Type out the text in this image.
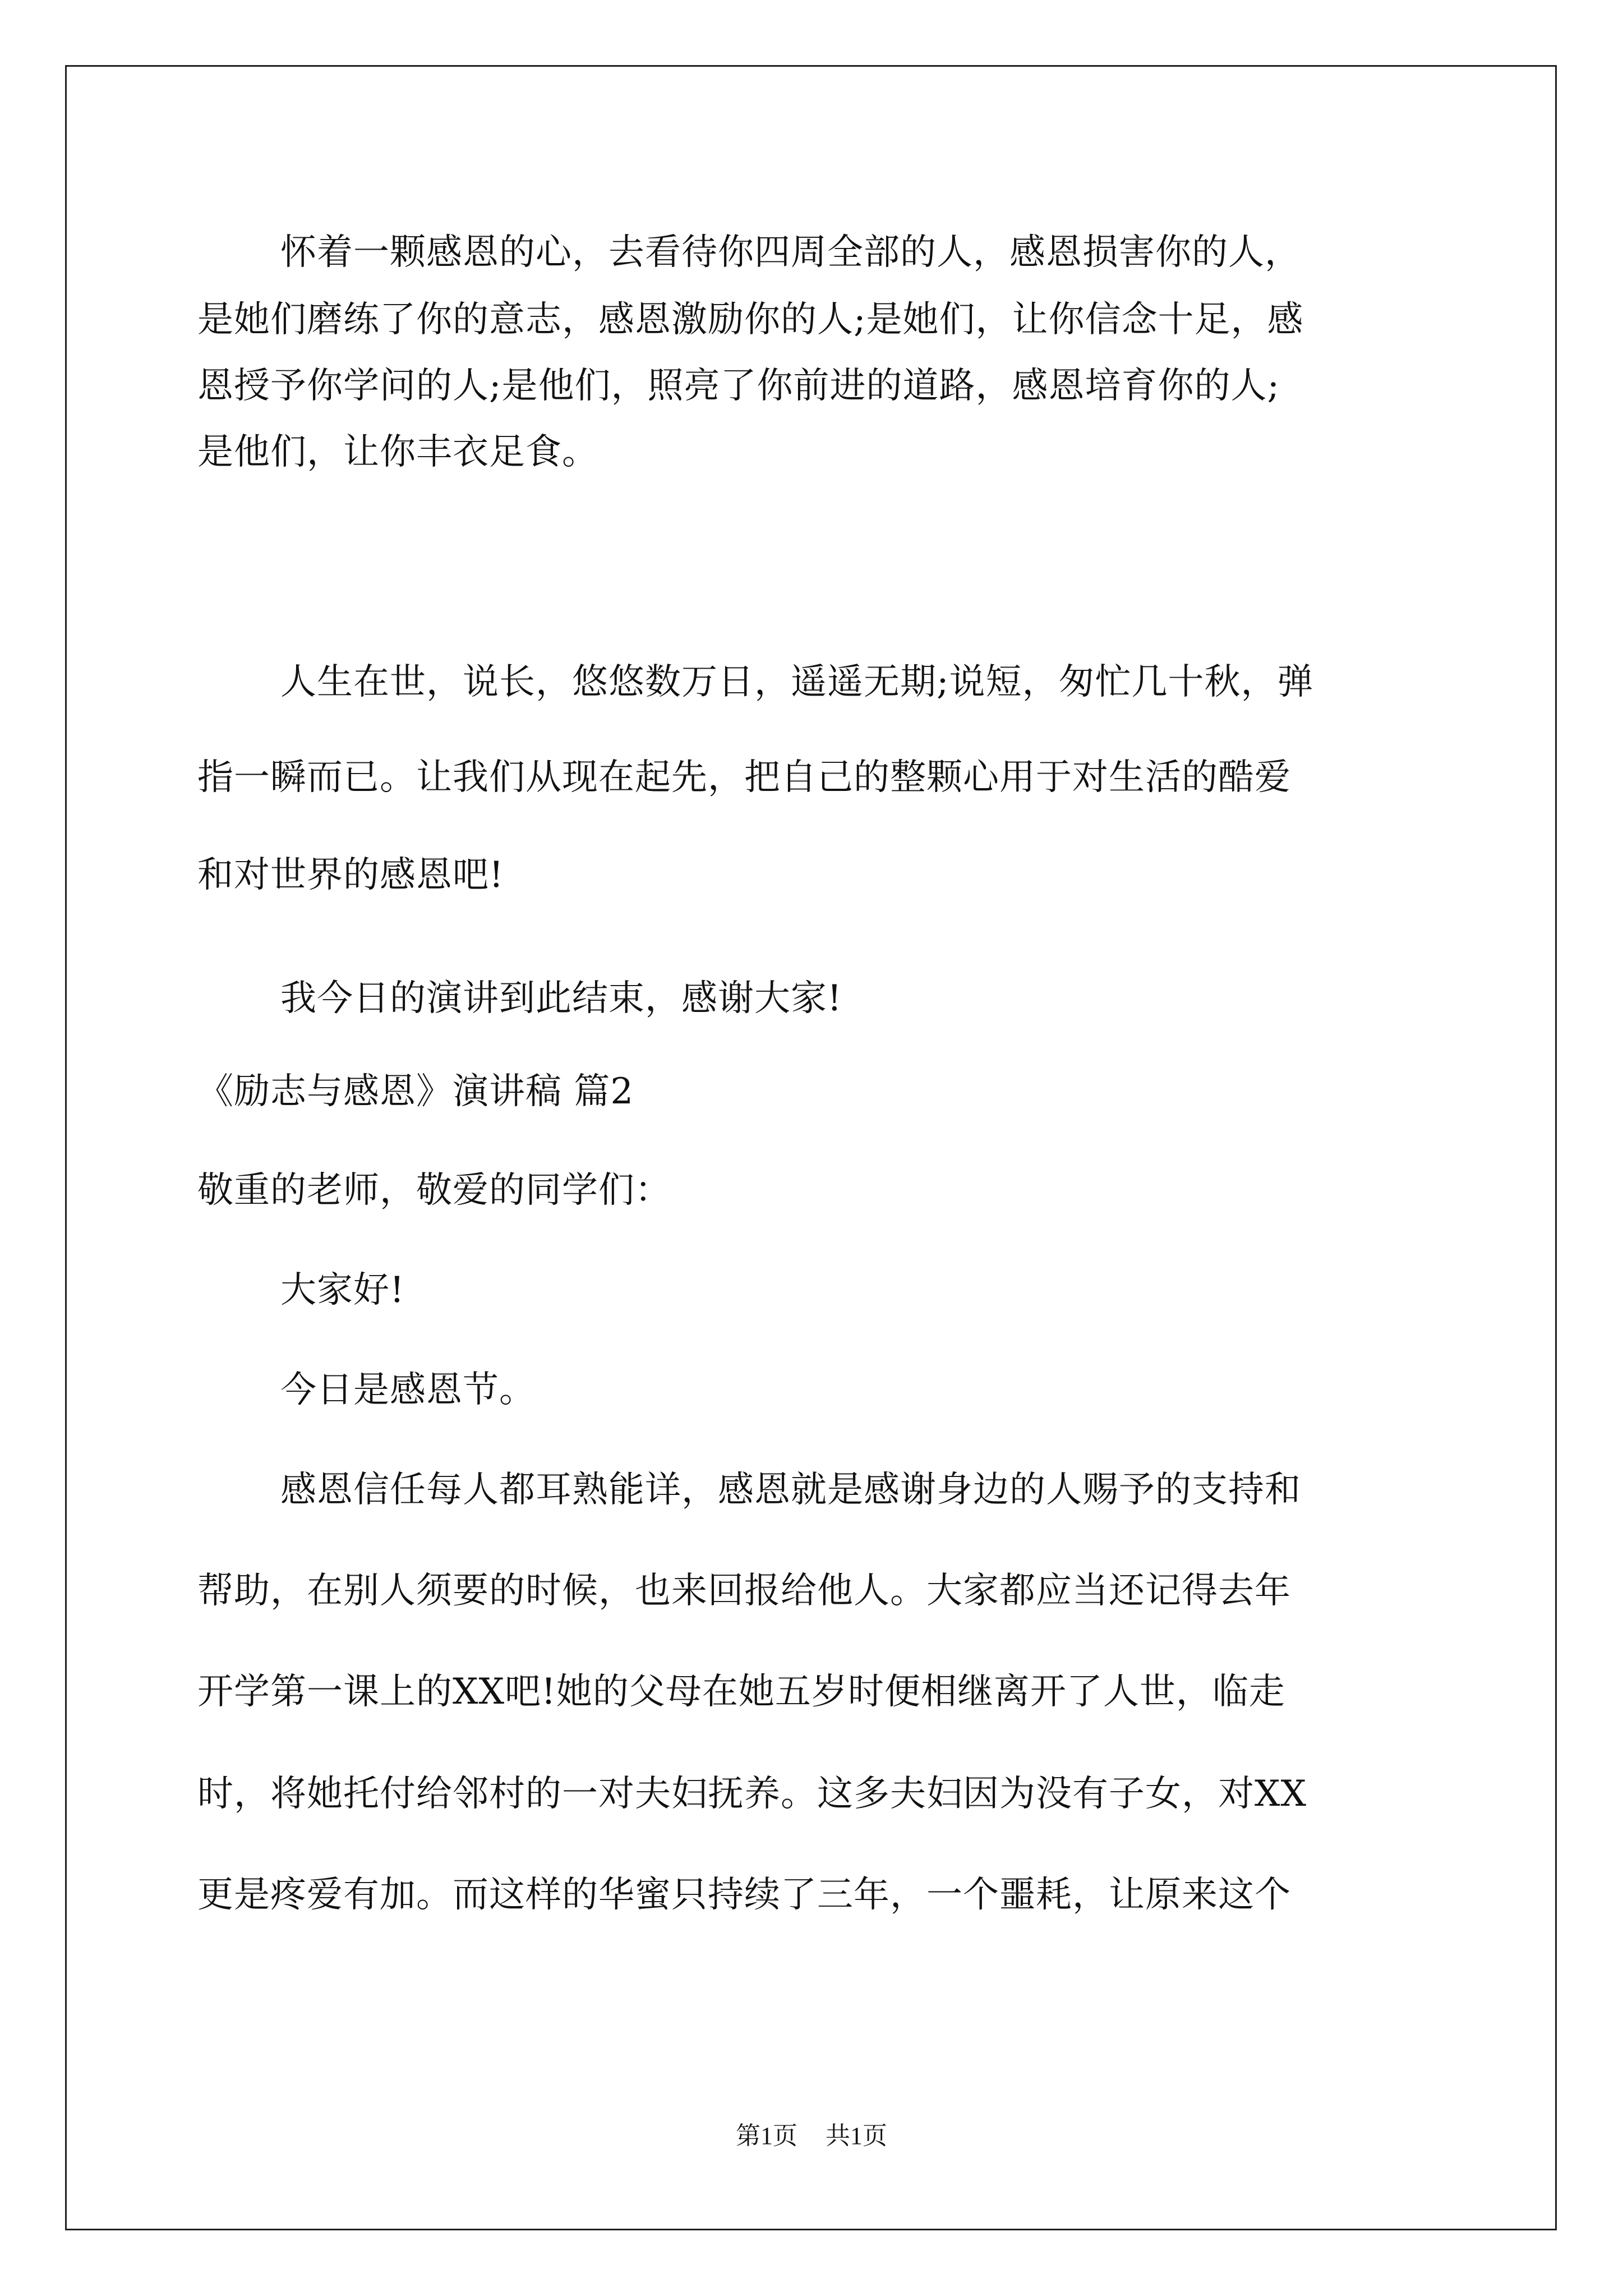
怀着一颗感恩的心，去看待你四周全部的人，感恩损害你的人，
是她们磨练了你的意志，感恩激励你的人;是她们，让你信念十足，感
恩授予你学问的人;是他们，照亮了你前进的道路，感恩培育你的人;
是他们，让你丰衣足食。
人生在世，说长，悠悠数万日，遥遥无期;说短，匆忙几十秋，弹
指一瞬而已。让我们从现在起先，把自己的整颗心用于对生活的酷爱
和对世界的感恩吧!
我今日的演讲到此结束，感谢大家!
《励志与感恩》演讲稿 篇2
敬重的老师，敬爱的同学们：
大家好!
今日是感恩节。
感恩信任每人都耳熟能详，感恩就是感谢身边的人赐予的支持和
帮助，在别人须要的时候，也来回报给他人。大家都应当还记得去年
开学第一课上的XX吧!她的父母在她五岁时便相继离开了人世，临走
时，将她托付给邻村的一对夫妇抚养。这多夫妇因为没有子女，对XX
更是疼爱有加。而这样的华蜜只持续了三年，一个噩耗，让原来这个
第1页 共1页
